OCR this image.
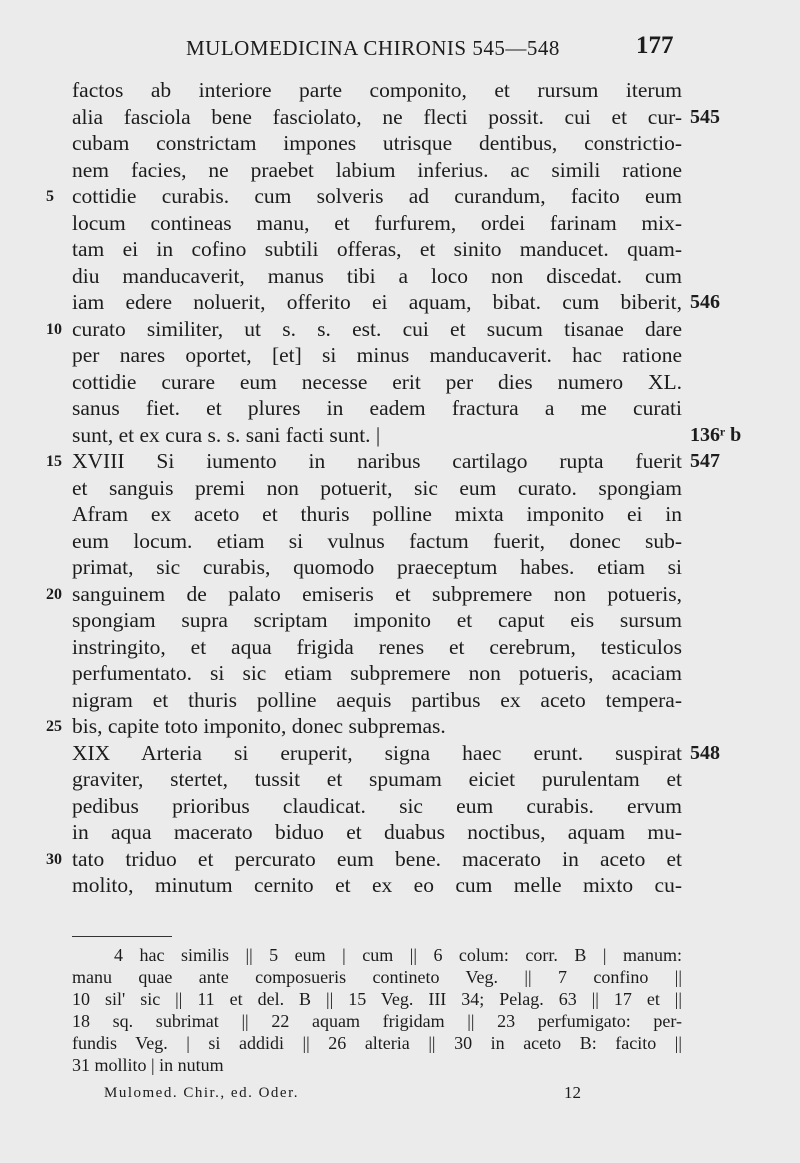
MULOMEDICINA CHIRONIS 545—548	177
factos ab interiore parte componito, et rursum iterum
alia fasciola bene fasciolato, ne flecti possit. cui et cur- 545
cubam constrictam impones utrisque dentibus, constrictio-
nem facies, ne praebet labium inferius. ac simili ratione
5 cottidie curabis. cum solveris ad curandum, facito eum
locum contineas manu, et furfurem, ordei farinam mix-
tam ei in cofino subtili offeras, et sinito manducet. quam-
diu manducaverit, manus tibi a loco non discedat. cum
iam edere noluerit, offerito ei aquam, bibat. cum biberit, 546
10 curato similiter, ut s. s. est. cui et sucum tisanae dare
per nares oportet, [et] si minus manducaverit. hac ratione
cottidie curare eum necesse erit per dies numero XL.
sanus fiet. et plures in eadem fractura a me curati
sunt, et ex cura s. s. sani facti sunt. |	136ʳ b
15 XVIII Si iumento in naribus cartilago rupta fuerit 547
et sanguis premi non potuerit, sic eum curato. spongiam
Afram ex aceto et thuris polline mixta imponito ei in
eum locum. etiam si vulnus factum fuerit, donec sub-
primat, sic curabis, quomodo praeceptum habes. etiam si
20 sanguinem de palato emiseris et subpremere non potueris,
spongiam supra scriptam imponito et caput eis sursum
instringito, et aqua frigida renes et cerebrum, testiculos
perfumentato. si sic etiam subpremere non potueris, acaciam
nigram et thuris polline aequis partibus ex aceto tempera-
25 bis, capite toto imponito, donec subpremas.
XIX Arteria si eruperit, signa haec erunt. suspirat 548
graviter, stertet, tussit et spumam eiciet purulentam et
pedibus prioribus claudicat. sic eum curabis. ervum
in aqua macerato biduo et duabus noctibus, aquam mu-
30 tato triduo et percurato eum bene. macerato in aceto et
molito, minutum cernito et ex eo cum melle mixto cu-
4 hac similis || 5 eum | cum || 6 colum: corr. B | manum:
manu quae ante composueris contineto Veg. || 7 confino ||
10 sil' sic || 11 et del. B || 15 Veg. III 34; Pelag. 63 || 17 et ||
18 sq. subrimat || 22 aquam frigidam || 23 perfumigato: per-
fundis Veg. | si addidi || 26 alteria || 30 in aceto B: facito ||
31 mollito | in nutum
Mulomed. Chir., ed. Oder.	12
